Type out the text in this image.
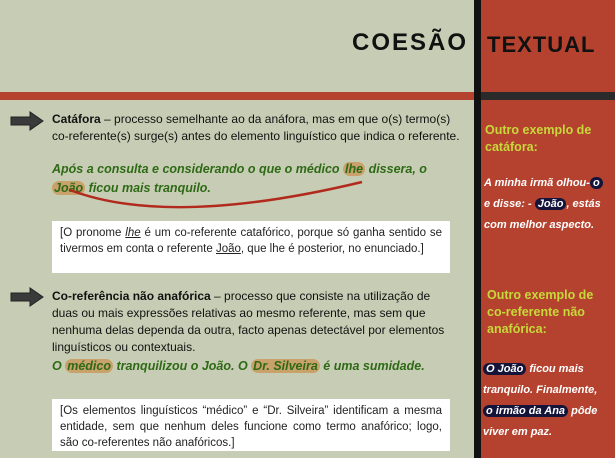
COESÃO TEXTUAL
Catáfora – processo semelhante ao da anáfora, mas em que o(s) termo(s)
co-referente(s) surge(s) antes do elemento linguístico que indica o referente.
Após a consulta e considerando o que o médico lhe dissera, o
João ficou mais tranquilo.
[O pronome lhe é um co-referente catafórico, porque só ganha sentido se tivermos em conta o referente João, que lhe é posterior, no enunciado.]
Co-referência não anafórica – processo que consiste na utilização de
duas ou mais expressões relativas ao mesmo referente, mas sem que
nenhuma delas dependa da outra, facto apenas detectável por elementos
linguísticos ou contextuais.
O médico tranquilizou o João. O Dr. Silveira é uma sumidade.
[Os elementos linguísticos “médico” e “Dr. Silveira” identificam a mesma entidade, sem que nenhum deles funcione como termo anafórico; logo, são co-referentes não anafóricos.]
Outro exemplo de
catáfora:
A minha irmã olhou- o
e disse: - João , estás
com melhor aspecto.
Outro exemplo de
co-referente não
anafórica:
O João ficou mais
tranquilo. Finalmente,
o irmão da Ana pôde
viver em paz.
